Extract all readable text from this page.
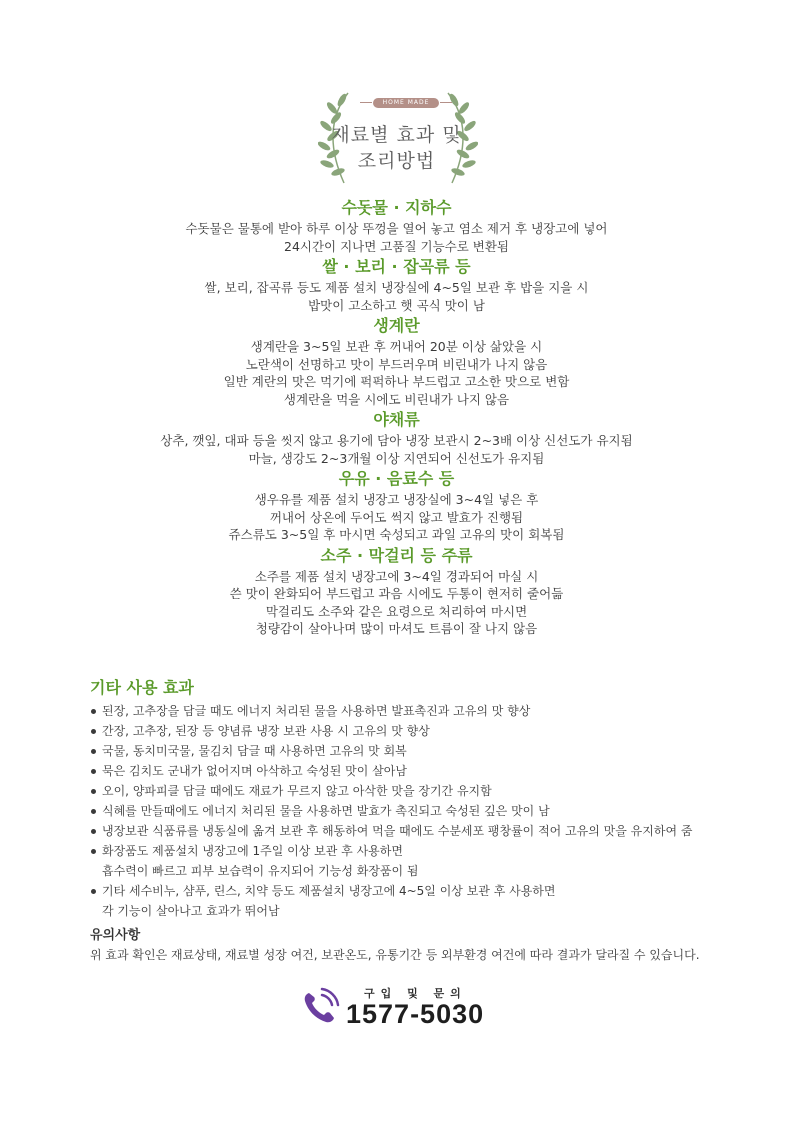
HOME MADE
재료별 효과 및
조리방법
수돗물 · 지하수

수돗물은 물통에 받아 하루 이상 뚜껑을 열어 놓고 염소 제거 후 냉장고에 넣어

24시간이 지나면 고품질 기능수로 변환됨

쌀 · 보리 · 잡곡류 등

쌀, 보리, 잡곡류 등도 제품 설치 냉장실에 4~5일 보관 후 밥을 지을 시

밥맛이 고소하고 햇 곡식 맛이 남

생계란

생계란을 3~5일 보관 후 꺼내어 20분 이상 삶았을 시

노란색이 선명하고 맛이 부드러우며 비린내가 나지 않음

일반 계란의 맛은 먹기에 퍽퍽하나 부드럽고 고소한 맛으로 변함

생계란을 먹을 시에도 비린내가 나지 않음

야채류

상추, 깻잎, 대파 등을 씻지 않고 용기에 담아 냉장 보관시 2~3배 이상 신선도가 유지됨

마늘, 생강도 2~3개월 이상 지연되어 신선도가 유지됨

우유 · 음료수 등

생우유를 제품 설치 냉장고 냉장실에 3~4일 넣은 후

꺼내어 상온에 두어도 썩지 않고 발효가 진행됨

쥬스류도 3~5일 후 마시면 숙성되고 과일 고유의 맛이 회복됨

소주 · 막걸리 등 주류

소주를 제품 설치 냉장고에 3~4일 경과되어 마실 시

쓴 맛이 완화되어 부드럽고 과음 시에도 두통이 현저히 줄어듦

막걸리도 소주와 같은 요령으로 처리하여 마시면

청량감이 살아나며 많이 마셔도 트름이 잘 나지 않음

기타 사용 효과
된장, 고추장을 담글 때도 에너지 처리된 물을 사용하면 발표촉진과 고유의 맛 향상
간장, 고추장, 된장 등 양념류 냉장 보관 사용 시 고유의 맛 향상
국물, 동치미국물, 물김치 담글 때 사용하면 고유의 맛 회복
묵은 김치도 군내가 없어지며 아삭하고 숙성된 맛이 살아남
오이, 양파피클 담글 때에도 재료가 무르지 않고 아삭한 맛을 장기간 유지함
식혜를 만들때에도 에너지 처리된 물을 사용하면 발효가 촉진되고 숙성된 깊은 맛이 남
냉장보관 식품류를 냉동실에 옮겨 보관 후 해동하여 먹을 때에도 수분세포 팽창률이 적어 고유의 맛을 유지하여 줌
화장품도 제품설치 냉장고에 1주일 이상 보관 후 사용하면
흡수력이 빠르고 피부 보습력이 유지되어 기능성 화장품이 됨
기타 세수비누, 샴푸, 린스, 치약 등도 제품설치 냉장고에 4~5일 이상 보관 후 사용하면
각 기능이 살아나고 효과가 뛰어남
유의사항

위 효과 확인은 재료상태, 재료별 성장 여건, 보관온도, 유통기간 등 외부환경 여건에 따라 결과가 달라질 수 있습니다.

구입 및 문의
1577-5030
